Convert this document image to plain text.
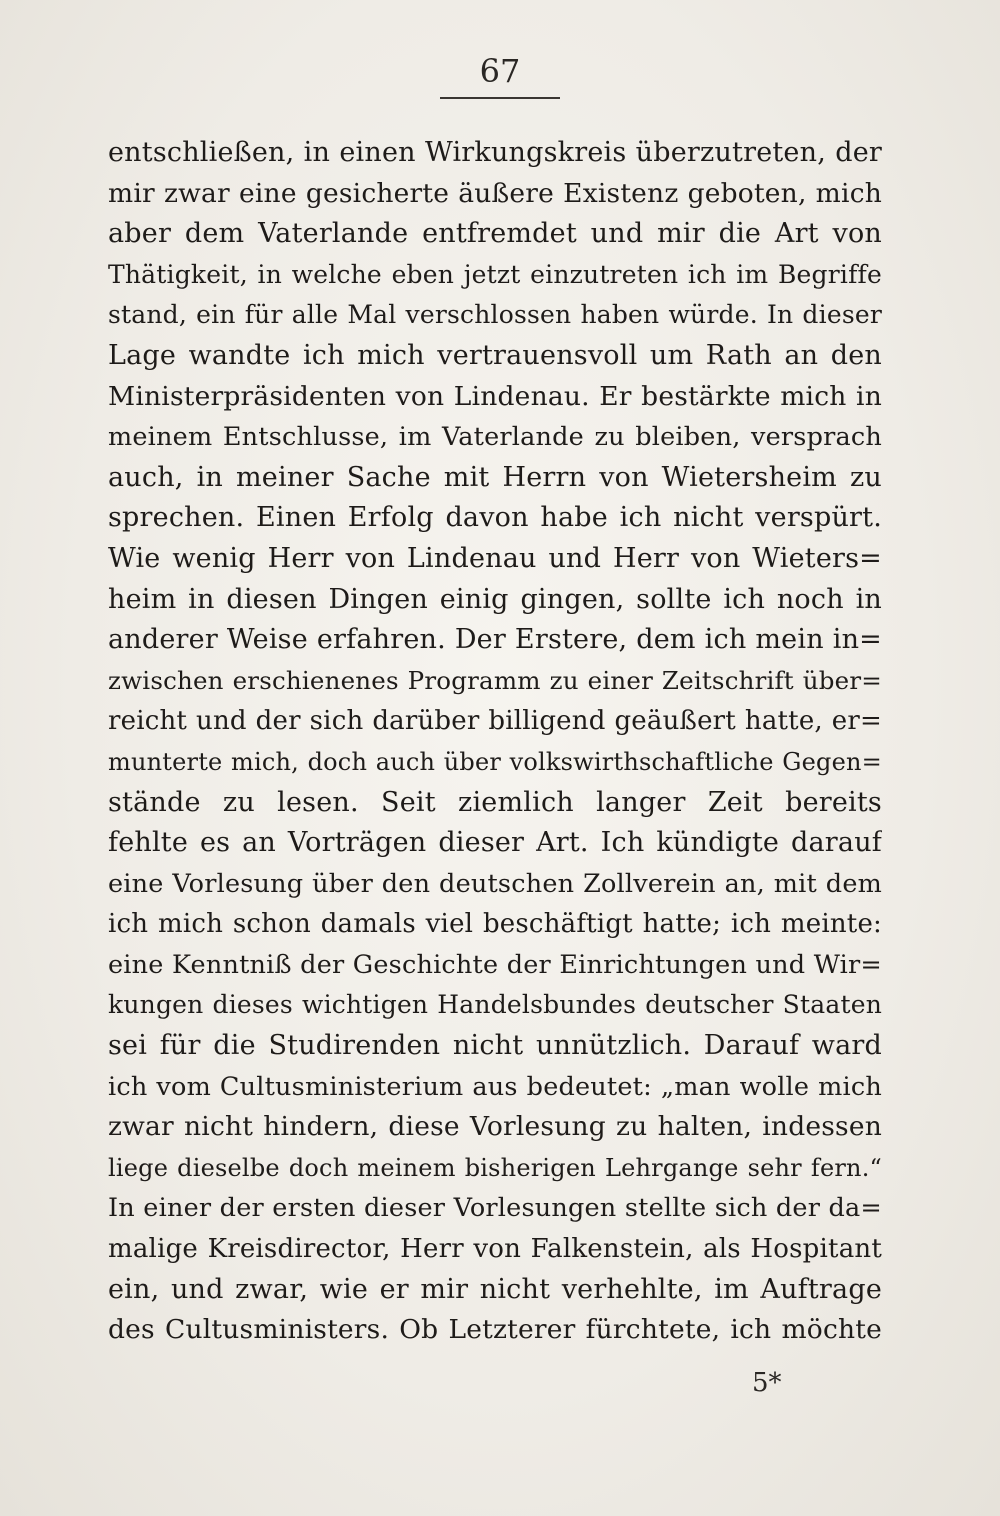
67
entschließen, in einen Wirkungskreis überzutreten, der
mir zwar eine gesicherte äußere Existenz geboten, mich
aber dem Vaterlande entfremdet und mir die Art von
Thätigkeit, in welche eben jetzt einzutreten ich im Begriffe
stand, ein für alle Mal verschlossen haben würde. In dieser
Lage wandte ich mich vertrauensvoll um Rath an den
Ministerpräsidenten von Lindenau. Er bestärkte mich in
meinem Entschlusse, im Vaterlande zu bleiben, versprach
auch, in meiner Sache mit Herrn von Wietersheim zu
sprechen. Einen Erfolg davon habe ich nicht verspürt.
Wie wenig Herr von Lindenau und Herr von Wieters=
heim in diesen Dingen einig gingen, sollte ich noch in
anderer Weise erfahren. Der Erstere, dem ich mein in=
zwischen erschienenes Programm zu einer Zeitschrift über=
reicht und der sich darüber billigend geäußert hatte, er=
munterte mich, doch auch über volkswirthschaftliche Gegen=
stände zu lesen. Seit ziemlich langer Zeit bereits
fehlte es an Vorträgen dieser Art. Ich kündigte darauf
eine Vorlesung über den deutschen Zollverein an, mit dem
ich mich schon damals viel beschäftigt hatte; ich meinte:
eine Kenntniß der Geschichte der Einrichtungen und Wir=
kungen dieses wichtigen Handelsbundes deutscher Staaten
sei für die Studirenden nicht unnützlich. Darauf ward
ich vom Cultusministerium aus bedeutet: „man wolle mich
zwar nicht hindern, diese Vorlesung zu halten, indessen
liege dieselbe doch meinem bisherigen Lehrgange sehr fern.“
In einer der ersten dieser Vorlesungen stellte sich der da=
malige Kreisdirector, Herr von Falkenstein, als Hospitant
ein, und zwar, wie er mir nicht verhehlte, im Auftrage
des Cultusministers. Ob Letzterer fürchtete, ich möchte
5*
